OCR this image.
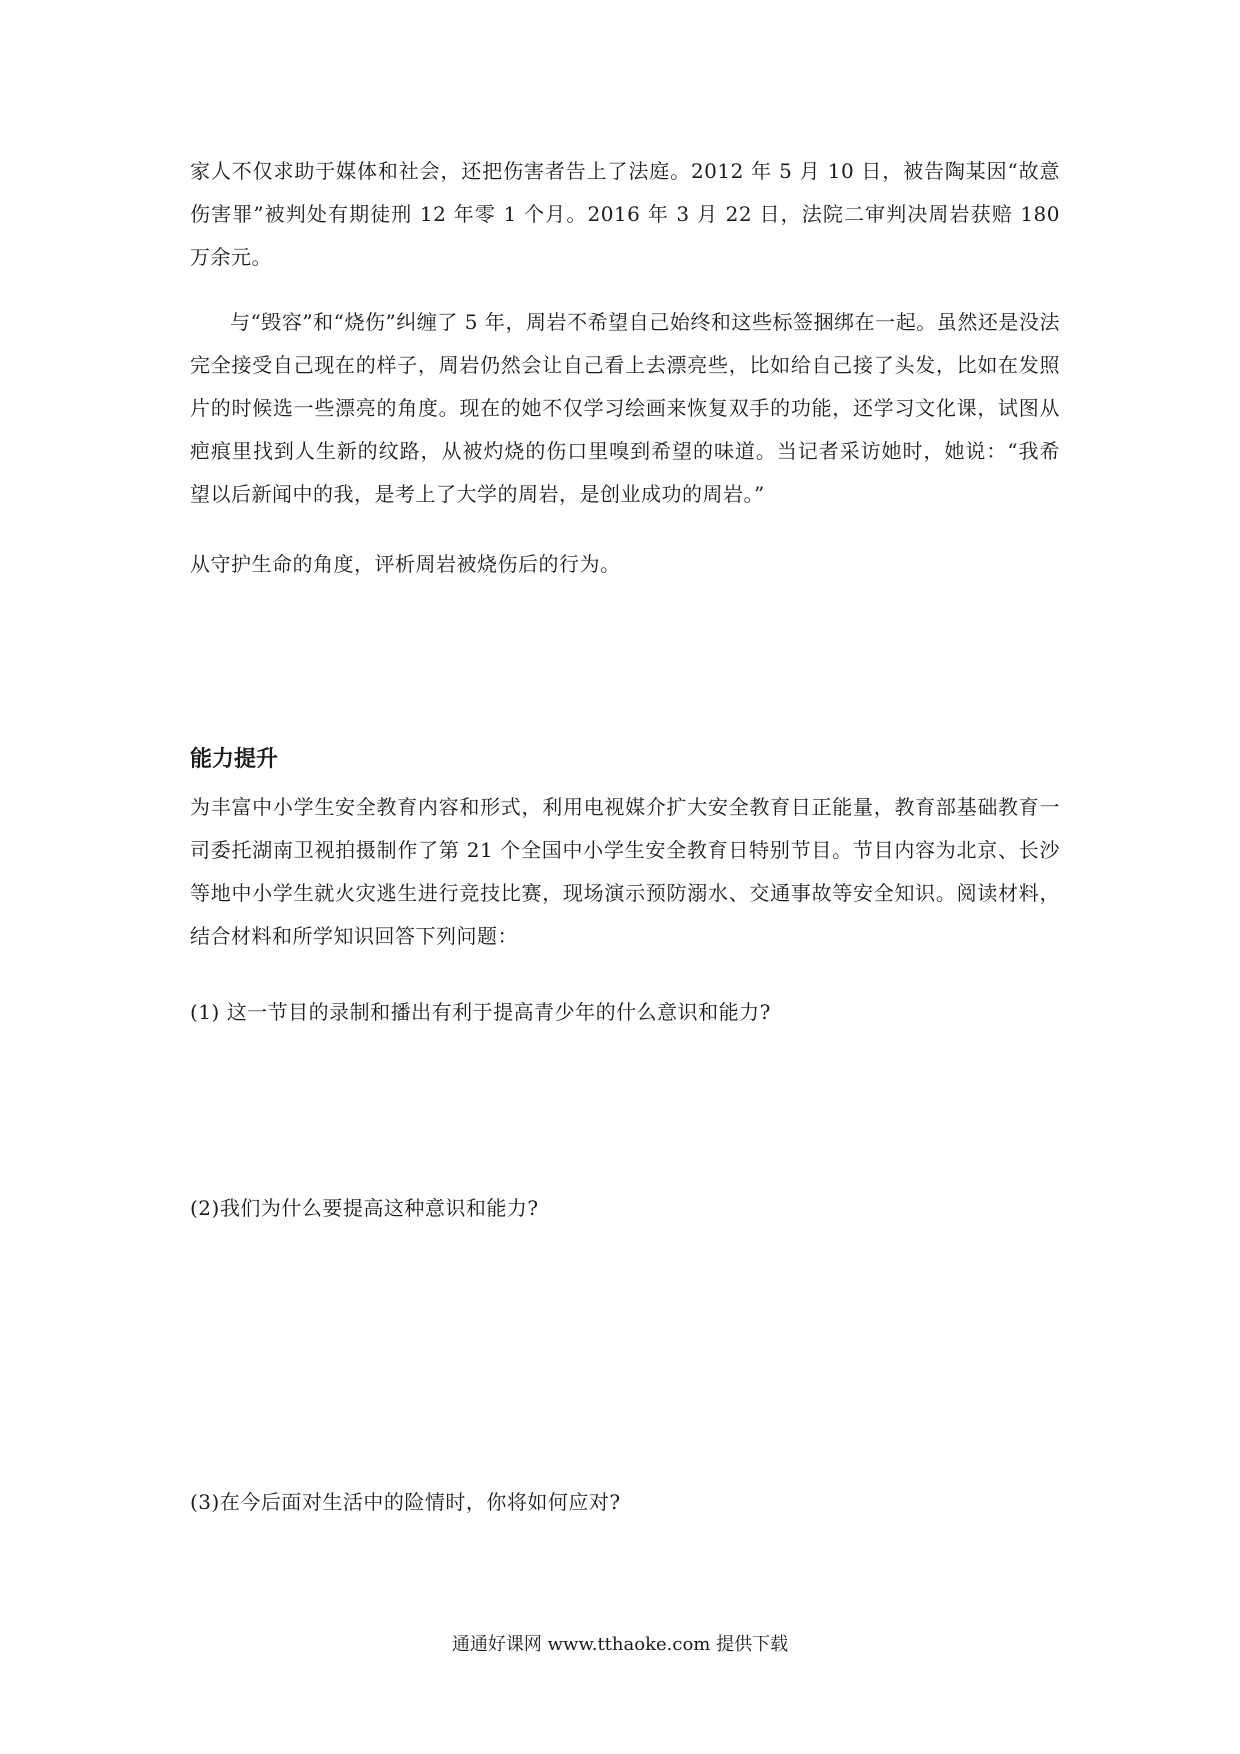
家人不仅求助于媒体和社会，还把伤害者告上了法庭。2012 年 5 月 10 日，被告陶某因“故意伤害罪”被判处有期徒刑 12 年零 1 个月。2016 年 3 月 22 日，法院二审判决周岩获赔 180 万余元。

与“毁容”和“烧伤”纠缠了 5 年，周岩不希望自己始终和这些标签捆绑在一起。虽然还是没法完全接受自己现在的样子，周岩仍然会让自己看上去漂亮些，比如给自己接了头发，比如在发照片的时候选一些漂亮的角度。现在的她不仅学习绘画来恢复双手的功能，还学习文化课，试图从疤痕里找到人生新的纹路，从被灼烧的伤口里嗅到希望的味道。当记者采访她时，她说：“我希望以后新闻中的我，是考上了大学的周岩，是创业成功的周岩。”

从守护生命的角度，评析周岩被烧伤后的行为。

能力提升

为丰富中小学生安全教育内容和形式，利用电视媒介扩大安全教育日正能量，教育部基础教育一司委托湖南卫视拍摄制作了第 21 个全国中小学生安全教育日特别节目。节目内容为北京、长沙等地中小学生就火灾逃生进行竞技比赛，现场演示预防溺水、交通事故等安全知识。阅读材料，结合材料和所学知识回答下列问题：

(1) 这一节目的录制和播出有利于提高青少年的什么意识和能力?

(2)我们为什么要提高这种意识和能力?

(3)在今后面对生活中的险情时，你将如何应对?

通通好课网 www.tthaoke.com 提供下载
